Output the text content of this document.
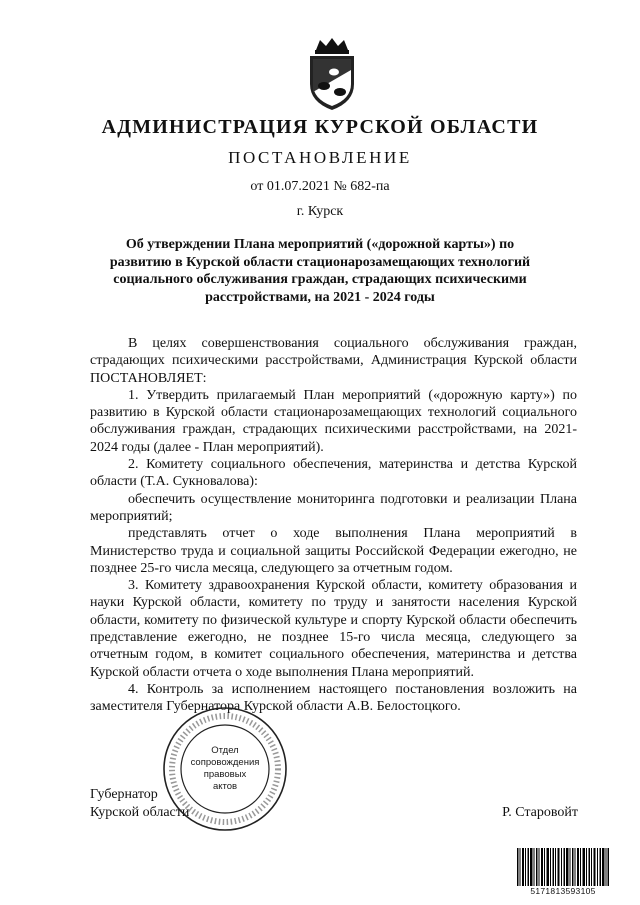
АДМИНИСТРАЦИЯ КУРСКОЙ ОБЛАСТИ
ПОСТАНОВЛЕНИЕ
от 01.07.2021 № 682-па
г. Курск
Об утверждении Плана мероприятий («дорожной карты») по развитию в Курской области стационарозамещающих технологий социального обслуживания граждан, страдающих психическими расстройствами, на 2021 - 2024 годы

В целях совершенствования социального обслуживания граждан, страдающих психическими расстройствами, Администрация Курской области ПОСТАНОВЛЯЕТ:

1. Утвердить прилагаемый План мероприятий («дорожную карту») по развитию в Курской области стационарозамещающих технологий социального обслуживания граждан, страдающих психическими расстройствами, на 2021- 2024 годы (далее - План мероприятий).

2. Комитету социального обеспечения, материнства и детства Курской области (Т.А. Сукновалова):

обеспечить осуществление мониторинга подготовки и реализации Плана мероприятий;

представлять отчет о ходе выполнения Плана мероприятий в Министерство труда и социальной защиты Российской Федерации ежегодно, не позднее 25-го числа месяца, следующего за отчетным годом.

3. Комитету здравоохранения Курской области, комитету образования и науки Курской области, комитету по труду и занятости населения Курской области, комитету по физической культуре и спорту Курской области обеспечить представление ежегодно, не позднее 15-го числа месяца, следующего за отчетным годом, в комитет социального обеспечения, материнства и детства Курской области отчета о ходе выполнения Плана мероприятий.

4. Контроль за исполнением настоящего постановления возложить на заместителя Губернатора Курской области А.В. Белостоцкого.

Губернатор
Курской области	Р. Старовойт
Отдел
сопровождения
правовых
актов
5171813593105
